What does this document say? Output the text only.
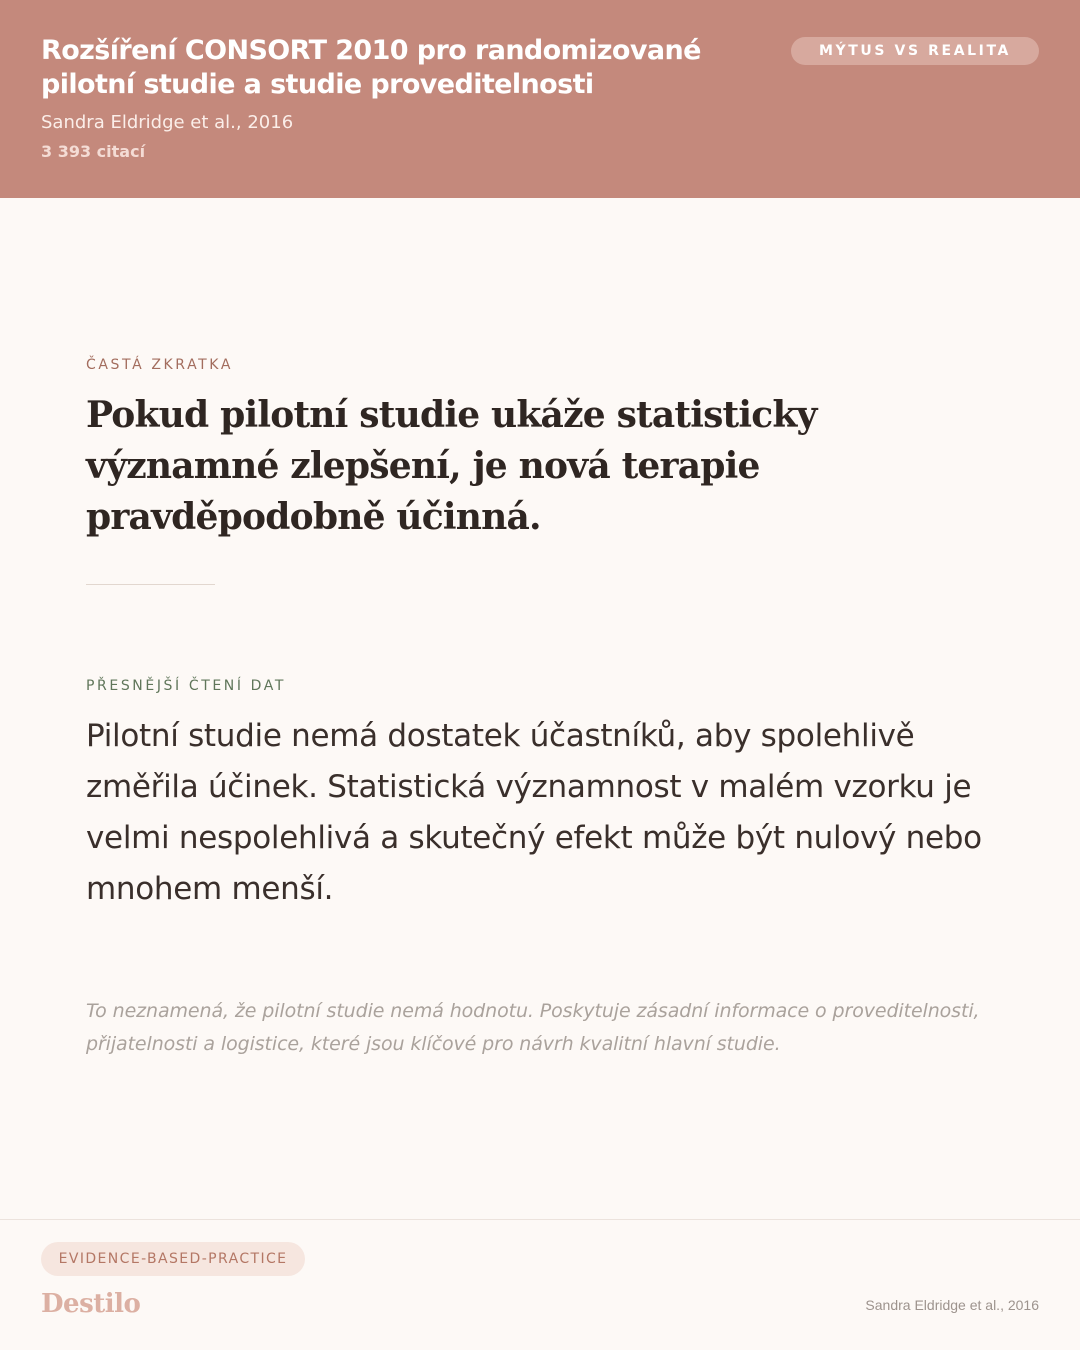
Rozšíření CONSORT 2010 pro randomizované pilotní studie a studie proveditelnosti
Sandra Eldridge et al., 2016
3 393 citací
MÝTUS VS REALITA
ČASTÁ ZKRATKA
Pokud pilotní studie ukáže statisticky významné zlepšení, je nová terapie pravděpodobně účinná.
PŘESNĚJŠÍ ČTENÍ DAT
Pilotní studie nemá dostatek účastníků, aby spolehlivě změřila účinek. Statistická významnost v malém vzorku je velmi nespolehlivá a skutečný efekt může být nulový nebo mnohem menší.
To neznamená, že pilotní studie nemá hodnotu. Poskytuje zásadní informace o proveditelnosti, přijatelnosti a logistice, které jsou klíčové pro návrh kvalitní hlavní studie.
EVIDENCE-BASED-PRACTICE
Destilo	Sandra Eldridge et al., 2016
